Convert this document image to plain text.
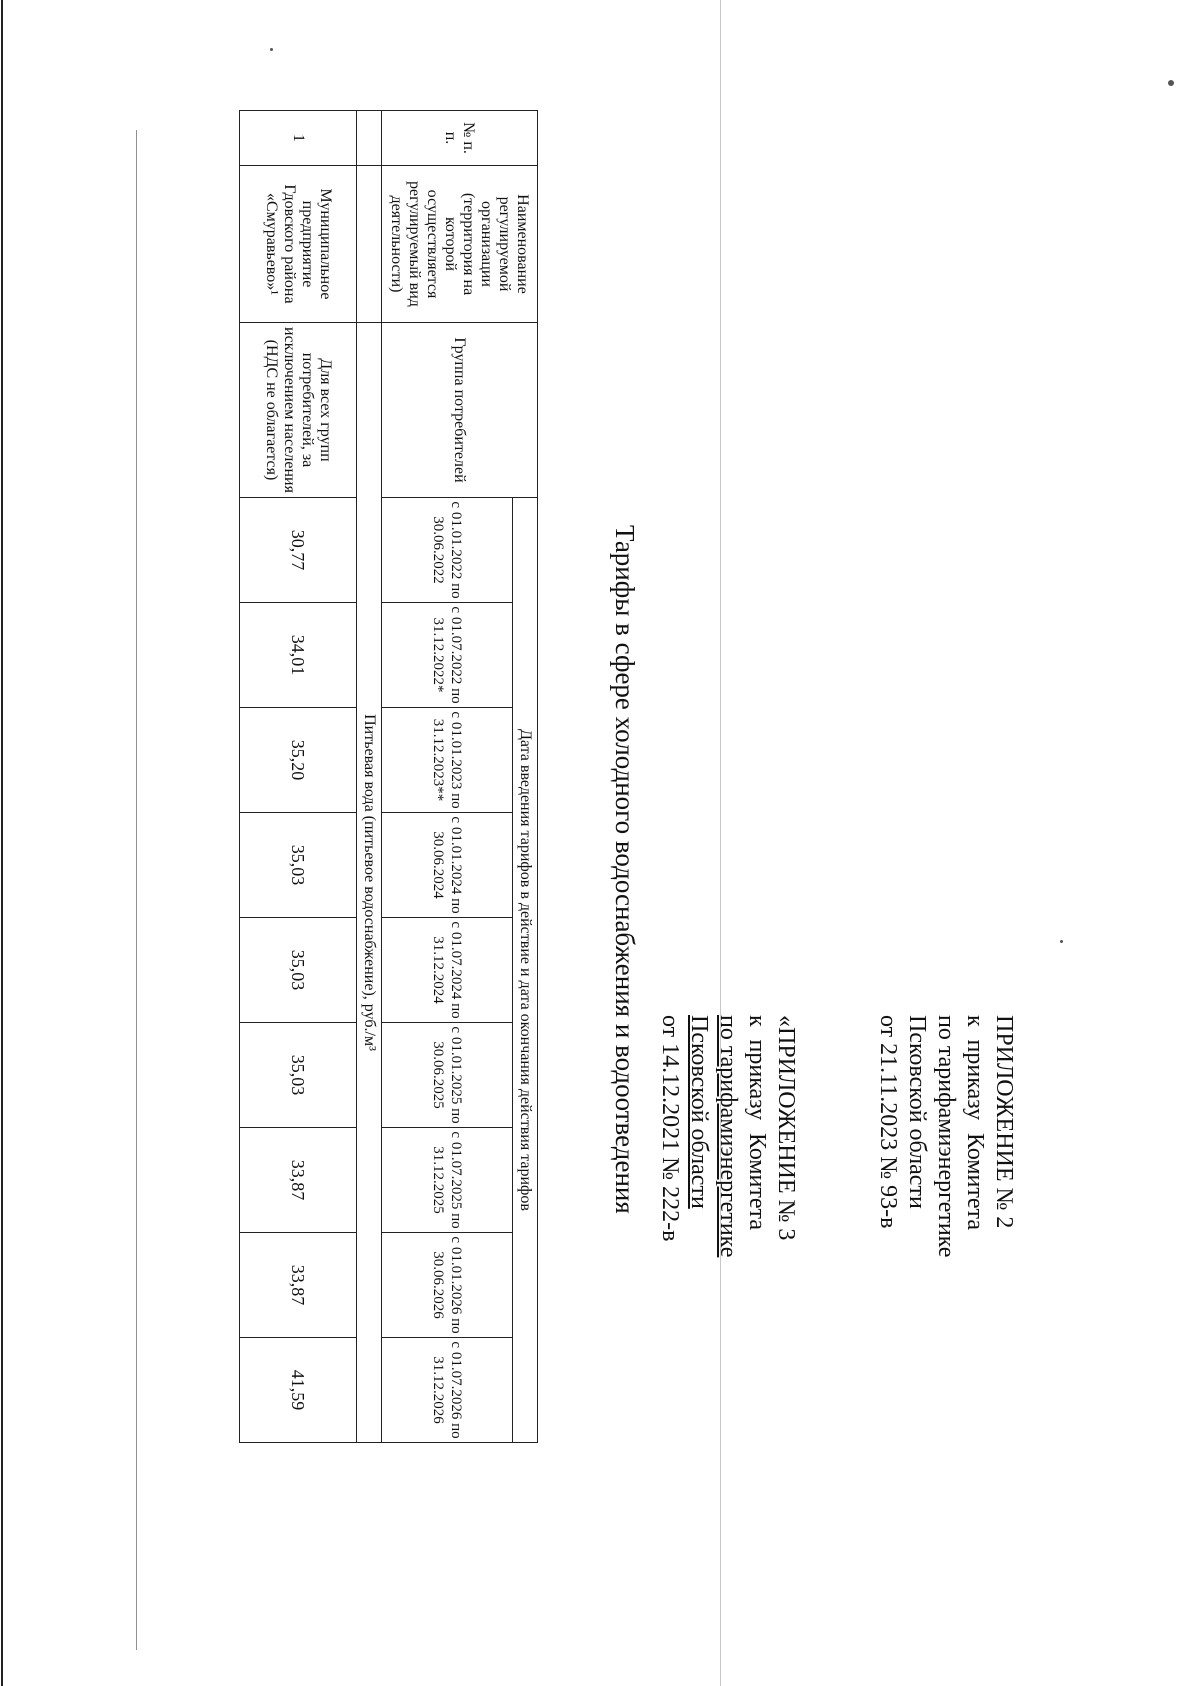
ПРИЛОЖЕНИЕ № 2
к
приказу
Комитета
по тарифам
и
энергетике
Псковской области
от 21.11.2023 № 93-в
«ПРИЛОЖЕНИЕ № 3
к
приказу
Комитета
по тарифам
и
энергетике
Псковской области
от 14.12.2021 № 222-в
Тарифы в сфере холодного водоснабжения и водоотведения
№ п. п.	Наименование регулируемой организации (территория на которой осуществляется регулируемый вид деятельности)	Группа потребителей	Дата введения тарифов в действие и дата окончания действия тарифов								
			с 01.01.2022 по 30.06.2022	с 01.07.2022 по 31.12.2022*	с 01.01.2023 по 31.12.2023**	с 01.01.2024 по 30.06.2024	с 01.07.2024 по 31.12.2024	с 01.01.2025 по 30.06.2025	с 01.07.2025 по 31.12.2025	с 01.01.2026 по 30.06.2026	с 01.07.2026 по 31.12.2026
		Питьевая вода (питьевое водоснабжение), руб./м³									
1	Муниципальное предприятие Гдовского района «Смуравьево»¹	Для всех групп потребителей, за исключением населения (НДС не облагается)	30,77	34,01	35,20	35,03	35,03	35,03	33,87	33,87	41,59
